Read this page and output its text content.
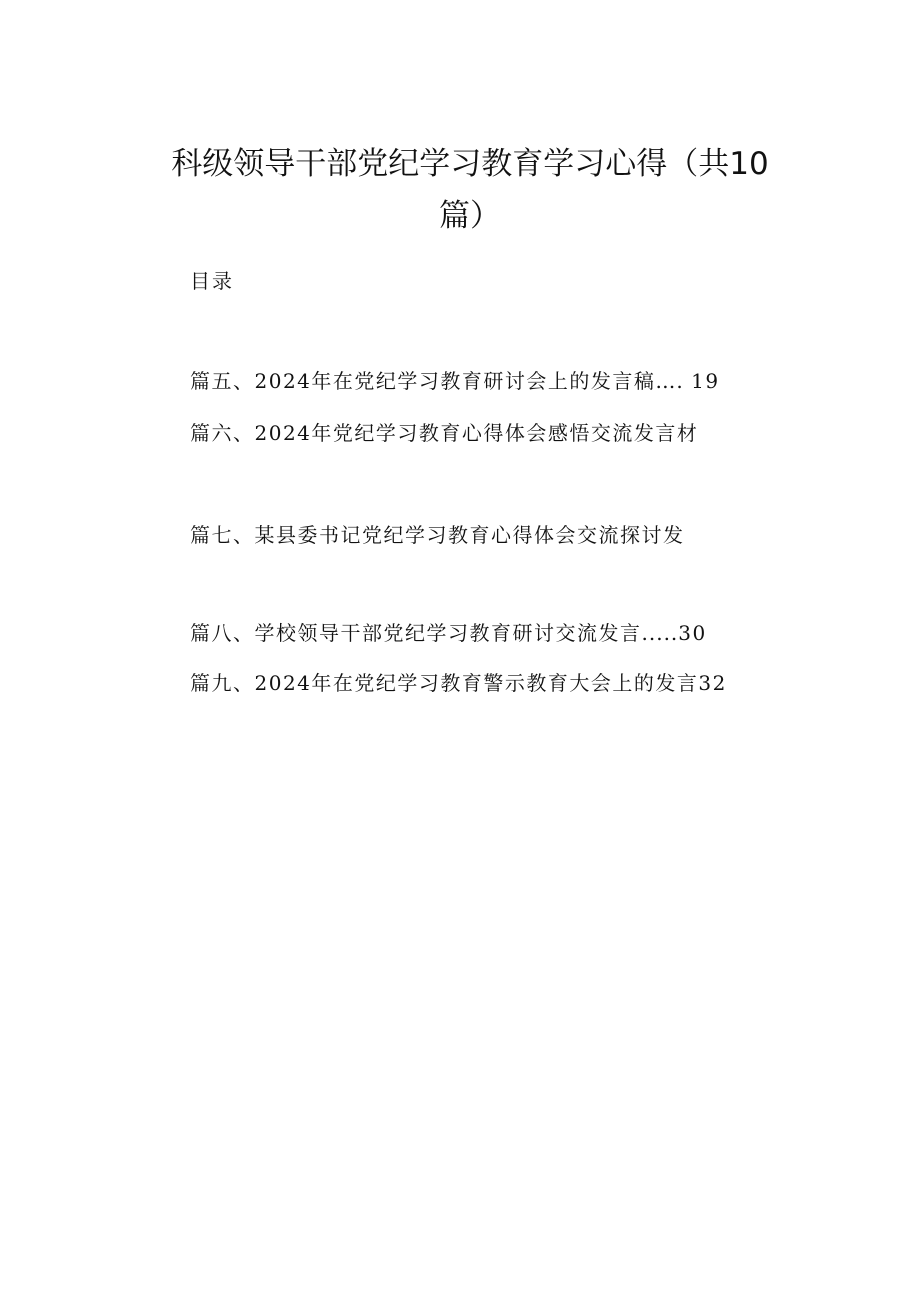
科级领导干部党纪学习教育学习心得（共10篇）
目录
篇五、2024年在党纪学习教育研讨会上的发言稿…. 19
篇六、2024年党纪学习教育心得体会感悟交流发言材
篇七、某县委书记党纪学习教育心得体会交流探讨发
篇八、学校领导干部党纪学习教育研讨交流发言.....30
篇九、2024年在党纪学习教育警示教育大会上的发言32
